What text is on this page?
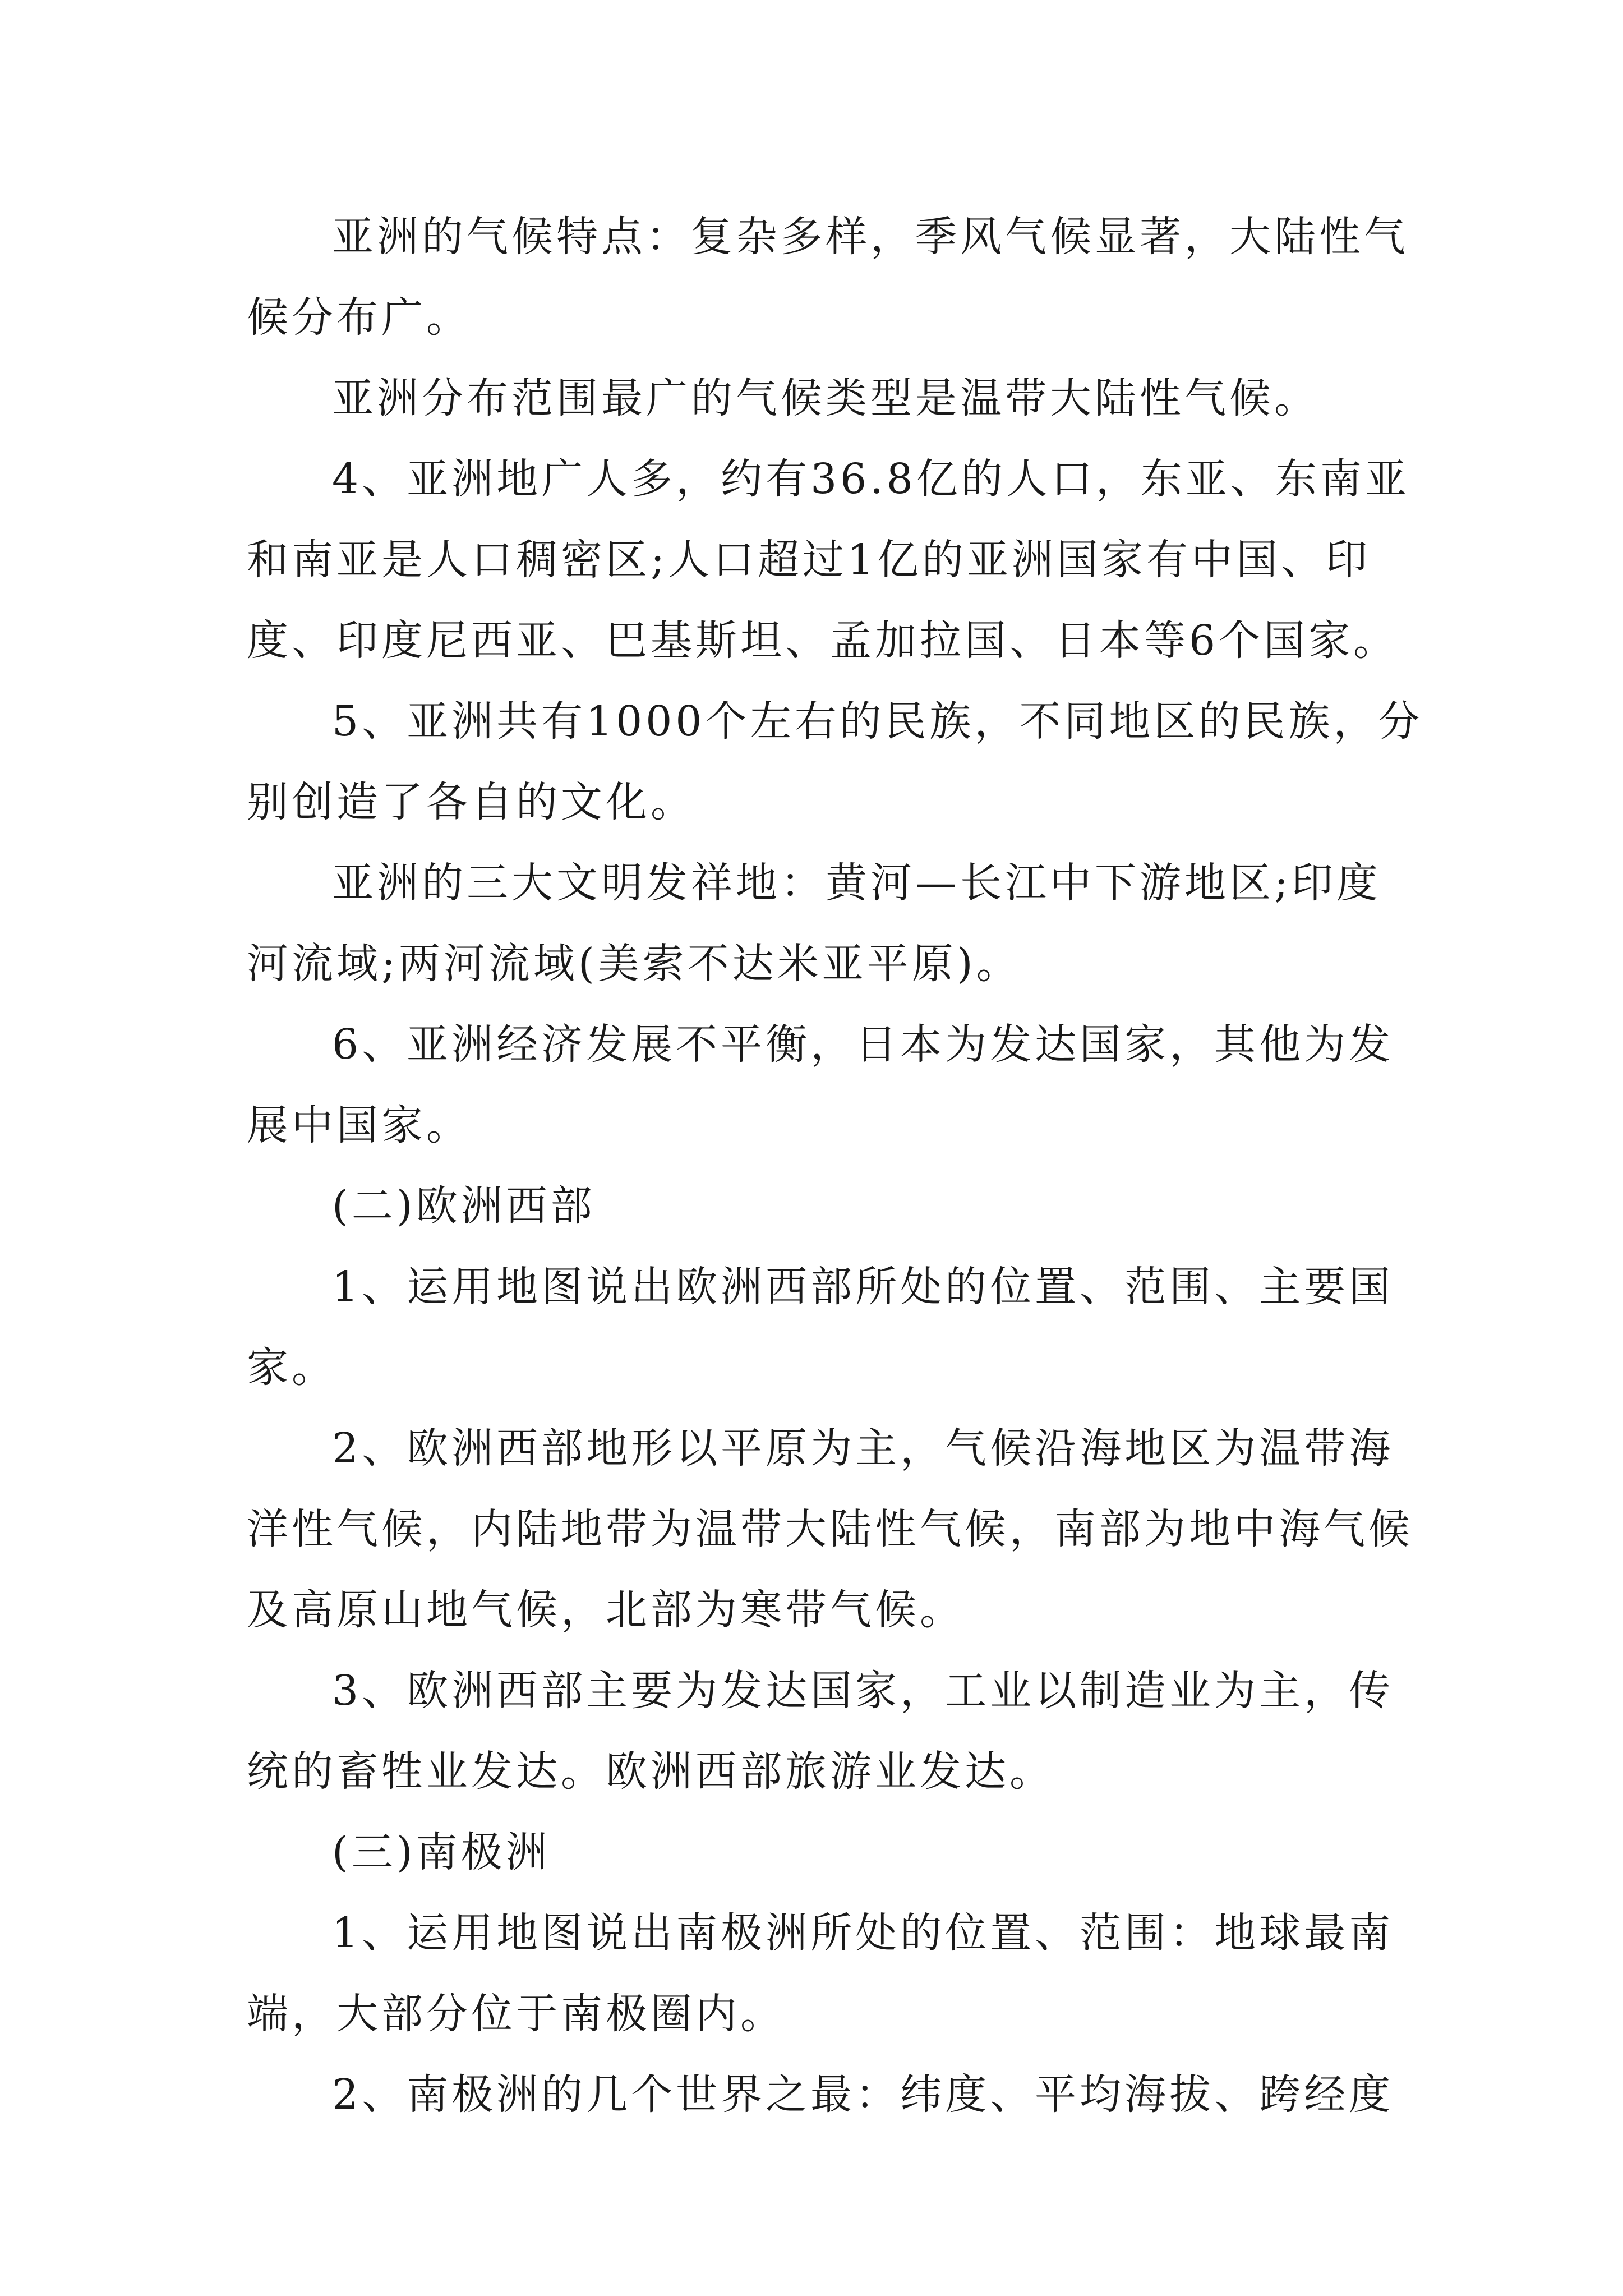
亚洲的气候特点：复杂多样，季风气候显著，大陆性气
候分布广。

亚洲分布范围最广的气候类型是温带大陆性气候。

4、亚洲地广人多，约有36.8亿的人口，东亚、东南亚
和南亚是人口稠密区;人口超过1亿的亚洲国家有中国、印
度、印度尼西亚、巴基斯坦、孟加拉国、日本等6个国家。

5、亚洲共有1000个左右的民族，不同地区的民族，分
别创造了各自的文化。

亚洲的三大文明发祥地：黄河—长江中下游地区;印度
河流域;两河流域(美索不达米亚平原)。

6、亚洲经济发展不平衡，日本为发达国家，其他为发
展中国家。

(二)欧洲西部

1、运用地图说出欧洲西部所处的位置、范围、主要国
家。

2、欧洲西部地形以平原为主，气候沿海地区为温带海
洋性气候，内陆地带为温带大陆性气候，南部为地中海气候
及高原山地气候，北部为寒带气候。

3、欧洲西部主要为发达国家，工业以制造业为主，传
统的畜牲业发达。欧洲西部旅游业发达。

(三)南极洲

1、运用地图说出南极洲所处的位置、范围：地球最南
端，大部分位于南极圈内。

2、南极洲的几个世界之最：纬度、平均海拔、跨经度
